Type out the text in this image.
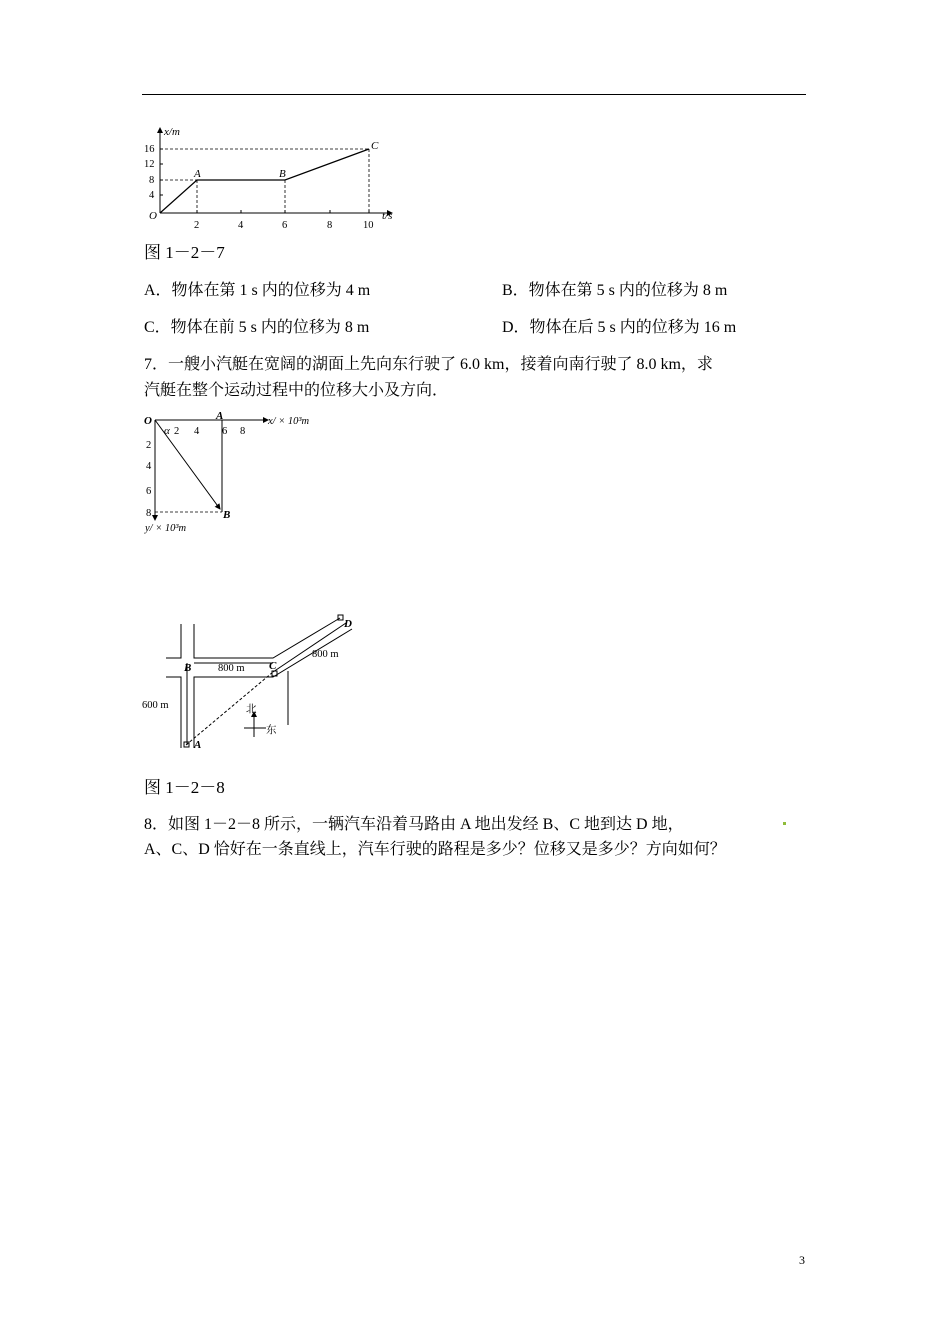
x/m
t/s
O
16
12
8
4
2	4	6	8	10
A	B
C
图 1－2－7
A．物体在第 1 s 内的位移为 4 m	B．物体在第 5 s 内的位移为 8 m
C．物体在前 5 s 内的位移为 8 m	D．物体在后 5 s 内的位移为 16 m
7．一艘小汽艇在宽阔的湖面上先向东行驶了 6.0 km，接着向南行驶了 8.0 km，求
汽艇在整个运动过程中的位移大小及方向．
O
α
A	x/ × 10³m
y/ × 10³m
2 4 6 8
2
4
6
8	B
B	C
D
A
800 m
800 m
600 m	北
东
图 1－2－8
8．如图 1－2－8 所示，一辆汽车沿着马路由 A 地出发经 B、C 地到达 D 地，
A、C、D 恰好在一条直线上，汽车行驶的路程是多少？位移又是多少？方向如何？
3
